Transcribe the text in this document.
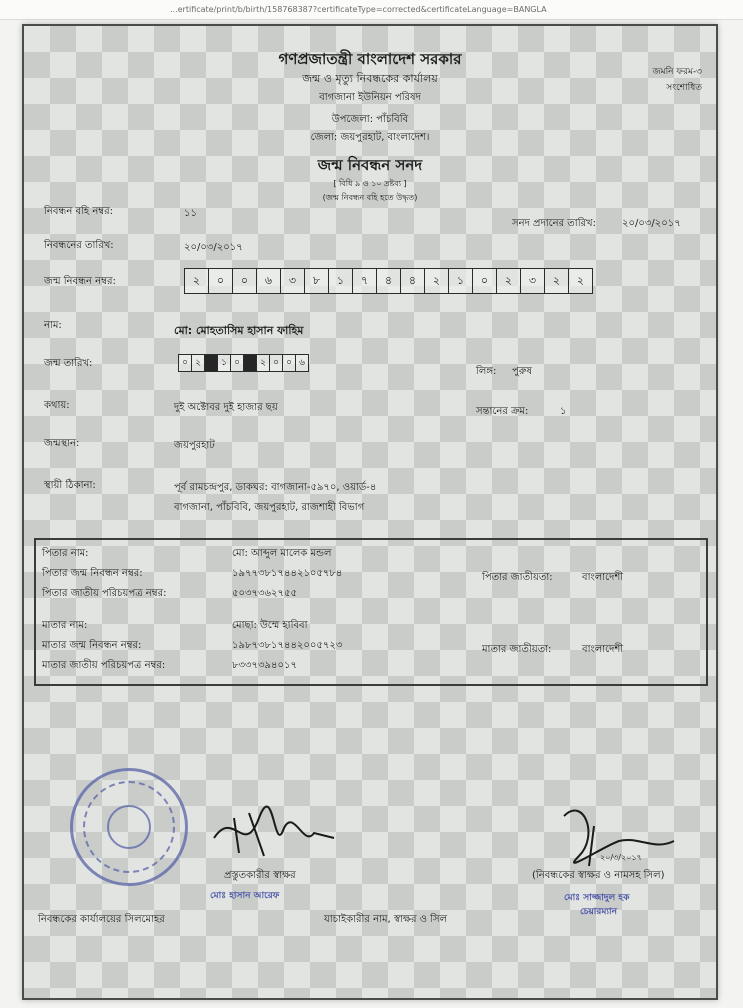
...ertificate/print/b/birth/158768387?certificateType=corrected&certificateLanguage=BANGLA
গণপ্রজাতন্ত্রী বাংলাদেশ সরকার
জন্ম ও মৃত্যু নিবন্ধকের কার্যালয়
বাগজানা ইউনিয়ন পরিষদ
উপজেলা: পাঁচবিবি
জেলা: জয়পুরহাট, বাংলাদেশ।
জন্ম নিবন্ধন সনদ
[ বিধি ৯ ও ১০ দ্রষ্টব্য ]
(জন্ম নিবন্ধন বহি হতে উদ্ধৃত)
জমনি ফরম-৩
সংশোধিত
নিবন্ধন বহি নম্বর:	১১
সনদ প্রদানের তারিখ:	২০/০৩/২০১৭
নিবন্ধনের তারিখ:	২০/০৩/২০১৭
জন্ম নিবন্ধন নম্বর:	২	০	০	৬	৩	৮	১	৭	৪	৪	২	১	০	২	৩	২	২
নাম:	মো: মোহতাসিম হাসান ফাহিম
জন্ম তারিখ:	০ ২	১ ০	২ ০ ০ ৬
লিঙ্গ: পুরুষ
কথায়:	দুই অক্টোবর দুই হাজার ছয়	সন্তানের ক্রম:	১
জন্মস্থান:	জয়পুরহাট
স্থায়ী ঠিকানা:	পূর্ব রামচন্দ্রপুর, ডাকঘর: বাগজানা-৫৯৭০, ওয়ার্ড-৪
বাগজানা, পাঁচবিবি, জয়পুরহাট, রাজশাহী বিভাগ
পিতার নাম:	মো: আব্দুল মালেক মন্ডল
পিতার জন্ম নিবন্ধন নম্বর:	১৯৭৭৩৮১৭৪৪২১০৫৭৮৪	পিতার জাতীয়তা:	বাংলাদেশী
পিতার জাতীয় পরিচয়পত্র নম্বর:	৫০৩৭৩৬২৭৫৫
মাতার নাম:	মোছা: উম্মে হাবিবা
মাতার জন্ম নিবন্ধন নম্বর:	১৯৮৭৩৮১৭৪৪২০০৫৭২৩	মাতার জাতীয়তা:	বাংলাদেশী
মাতার জাতীয় পরিচয়পত্র নম্বর:	৮৩৩৭৩৯৪০১৭
প্রস্তুতকারীর স্বাক্ষর
মোঃ হাসান আরেফ
২০/৩/২০১৭
(নিবন্ধকের স্বাক্ষর ও নামসহ সিল)
মোঃ সাজ্জাদুল হক
চেয়ারম্যান
নিবন্ধকের কার্যালয়ের সিলমোহর	যাচাইকারীর নাম, স্বাক্ষর ও সিল
